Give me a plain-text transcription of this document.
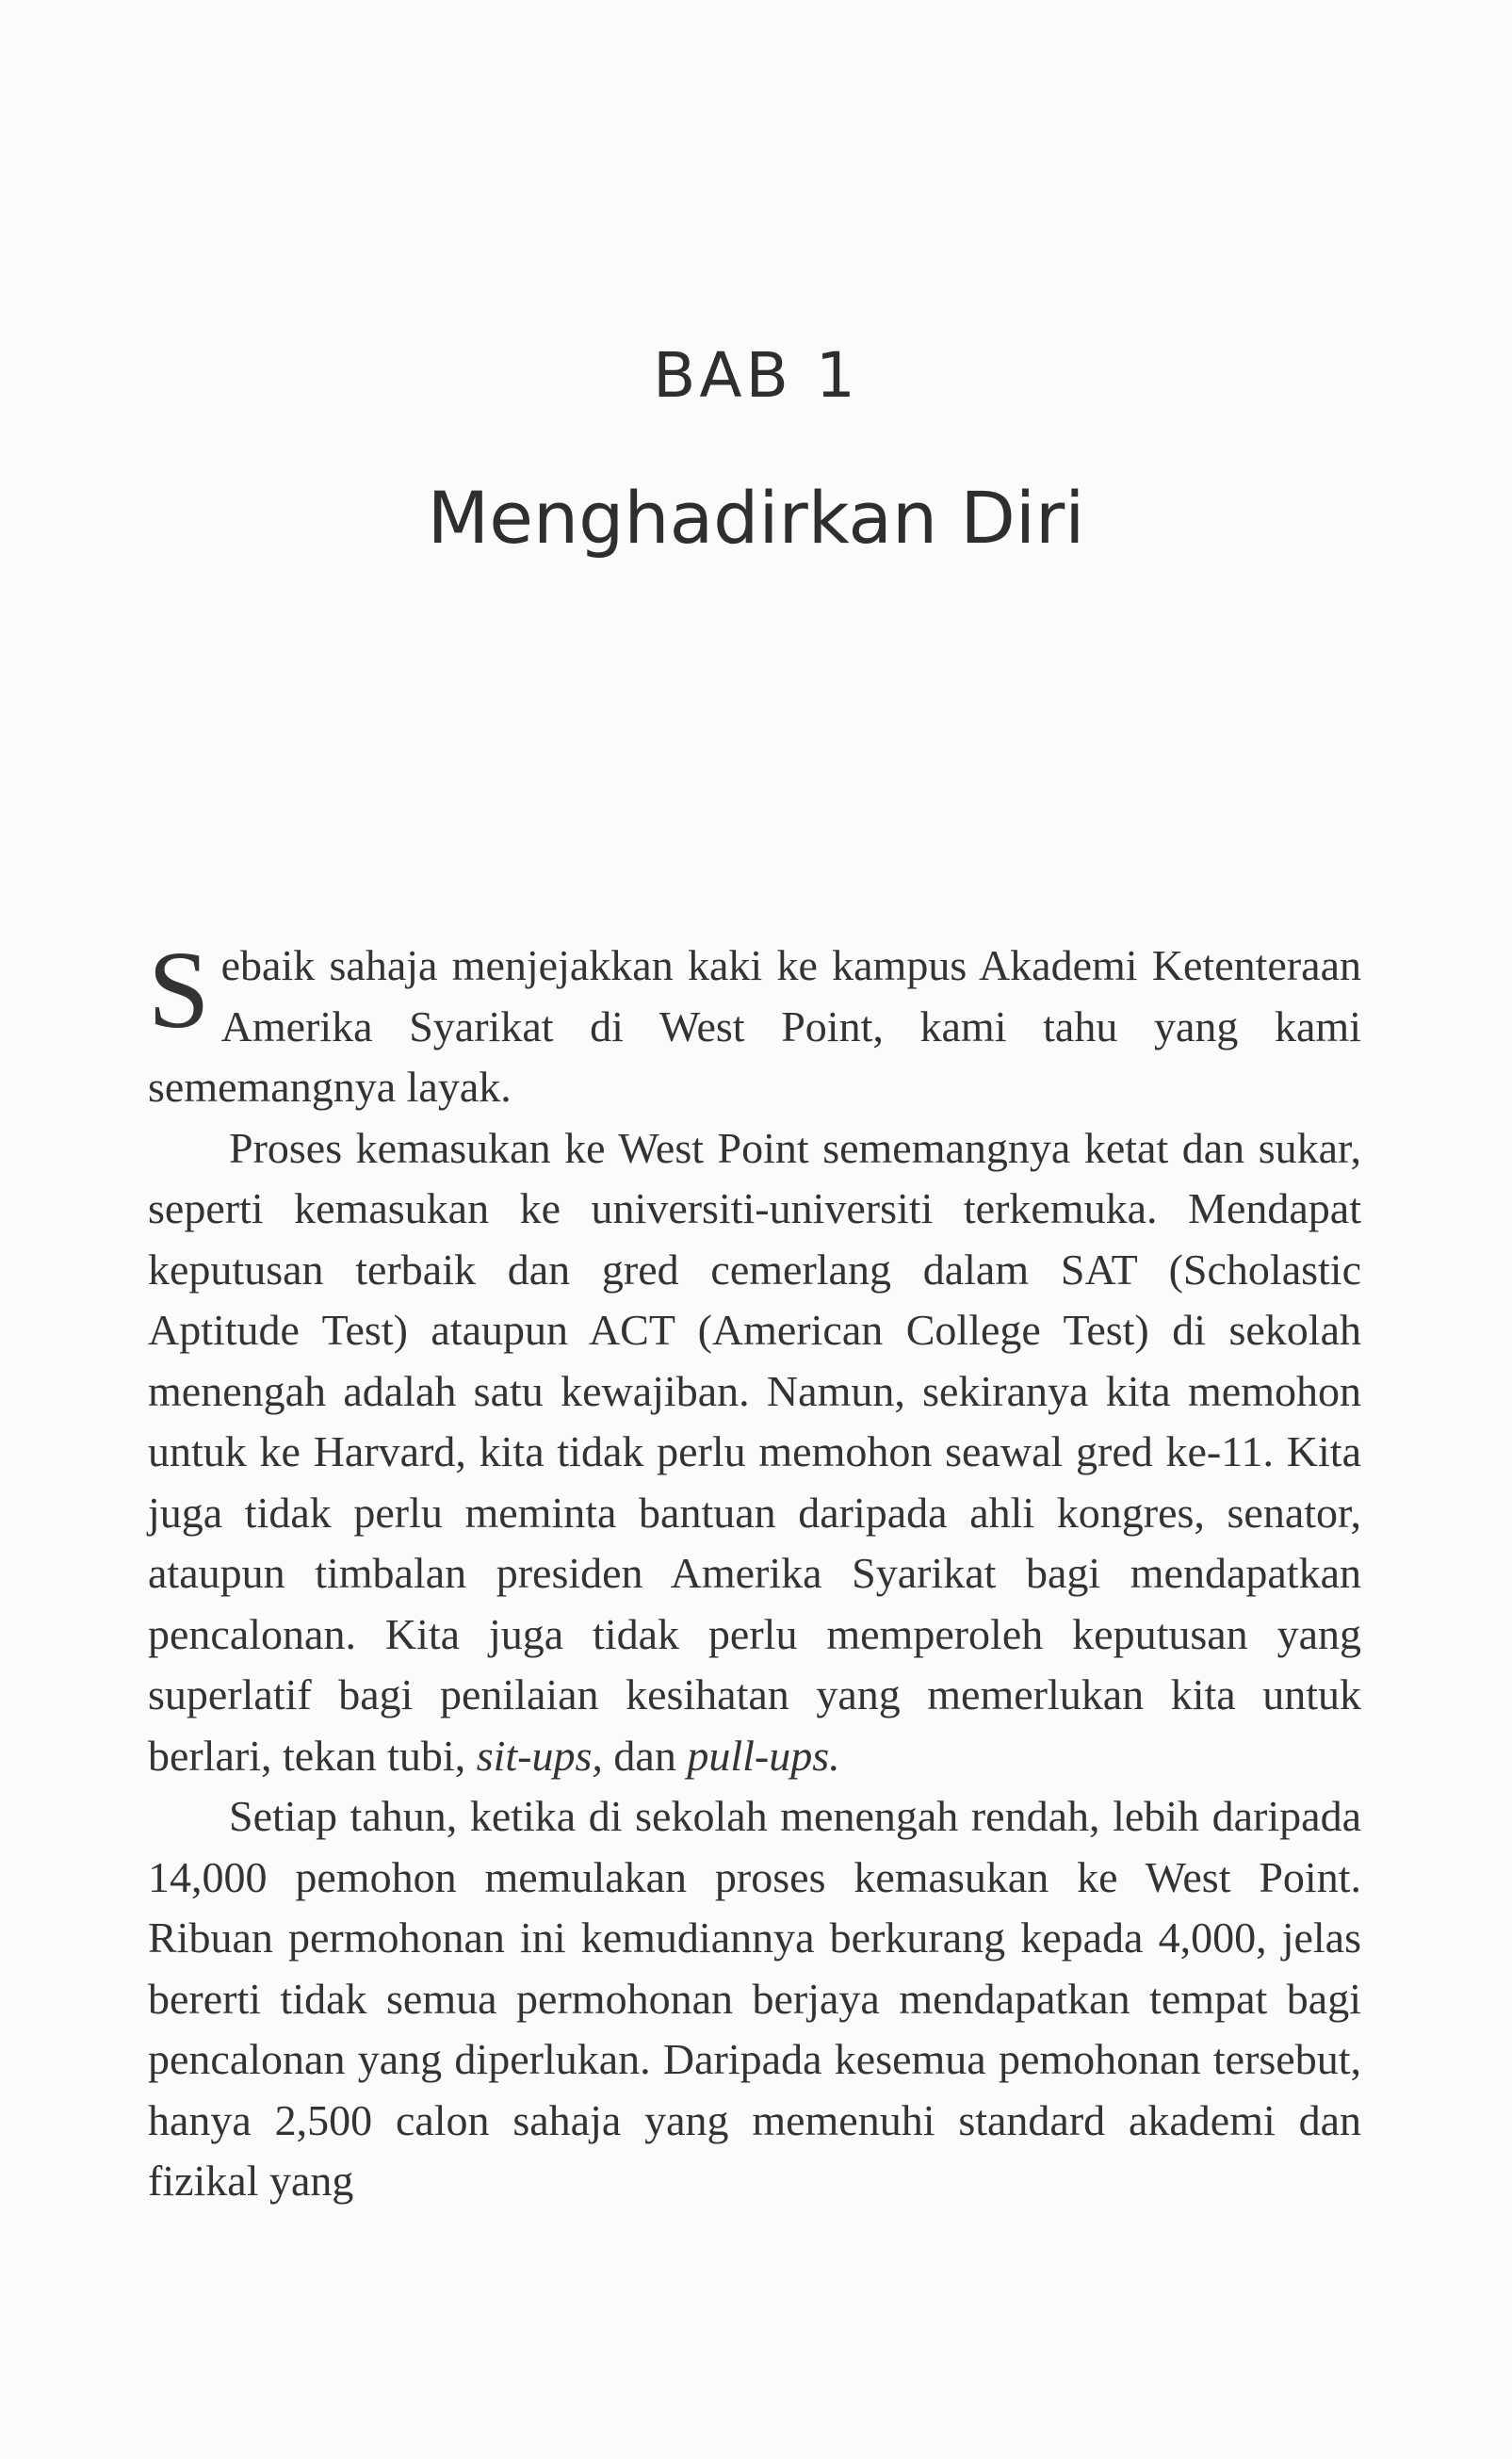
BAB 1
Menghadirkan Diri

Sebaik sahaja menjejakkan kaki ke kampus Akademi Ketenteraan Amerika Syarikat di West Point, kami tahu yang kami sememangnya layak.

Proses kemasukan ke West Point sememangnya ketat dan sukar, seperti kemasukan ke universiti-universiti terkemuka. Mendapat keputusan terbaik dan gred cemerlang dalam SAT (Scholastic Aptitude Test) ataupun ACT (American College Test) di sekolah menengah adalah satu kewajiban. Namun, sekiranya kita memohon untuk ke Harvard, kita tidak perlu memohon seawal gred ke-11. Kita juga tidak perlu meminta bantuan daripada ahli kongres, senator, ataupun timbalan presiden Amerika Syarikat bagi mendapatkan pencalonan. Kita juga tidak perlu memperoleh keputusan yang superlatif bagi penilaian kesihatan yang memerlukan kita untuk berlari, tekan tubi, sit-ups, dan pull-ups.

Setiap tahun, ketika di sekolah menengah rendah, lebih daripada 14,000 pemohon memulakan proses kemasukan ke West Point. Ribuan permohonan ini kemudiannya berkurang kepada 4,000, jelas bererti tidak semua permohonan berjaya mendapatkan tempat bagi pencalonan yang diperlukan. Daripada kesemua pemohonan tersebut, hanya 2,500 calon sahaja yang memenuhi standard akademi dan fizikal yang
